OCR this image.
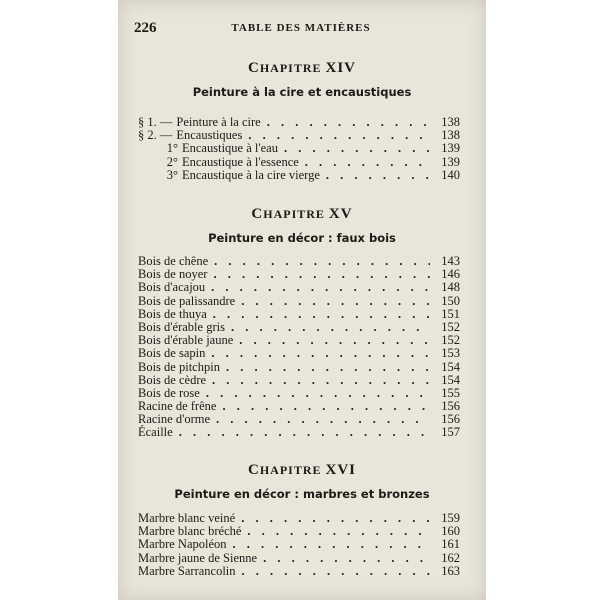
226	TABLE DES MATIÈRES
CHAPITRE XIV
Peinture à la cire et encaustiques
§ 1. — Peinture à la cire . . .	138
§ 2. — Encaustiques . . .	138
1° Encaustique à l'eau . . .	139
2° Encaustique à l'essence . . .	139
3° Encaustique à la cire vierge . . .	140
CHAPITRE XV
Peinture en décor : faux bois
Bois de chêne . . .	143
Bois de noyer . . .	146
Bois d'acajou . . .	148
Bois de palissandre . . .	150
Bois de thuya . . .	151
Bois d'érable gris . . .	152
Bois d'érable jaune . . .	152
Bois de sapin . . .	153
Bois de pitchpin . . .	154
Bois de cèdre . . .	154
Bois de rose . . .	155
Racine de frêne . . .	156
Racine d'orme . . .	156
Écaille . . .	157
CHAPITRE XVI
Peinture en décor : marbres et bronzes
Marbre blanc veiné . . .	159
Marbre blanc bréché . . .	160
Marbre Napoléon . . .	161
Marbre jaune de Sienne . . .	162
Marbre Sarrancolin . . .	163
